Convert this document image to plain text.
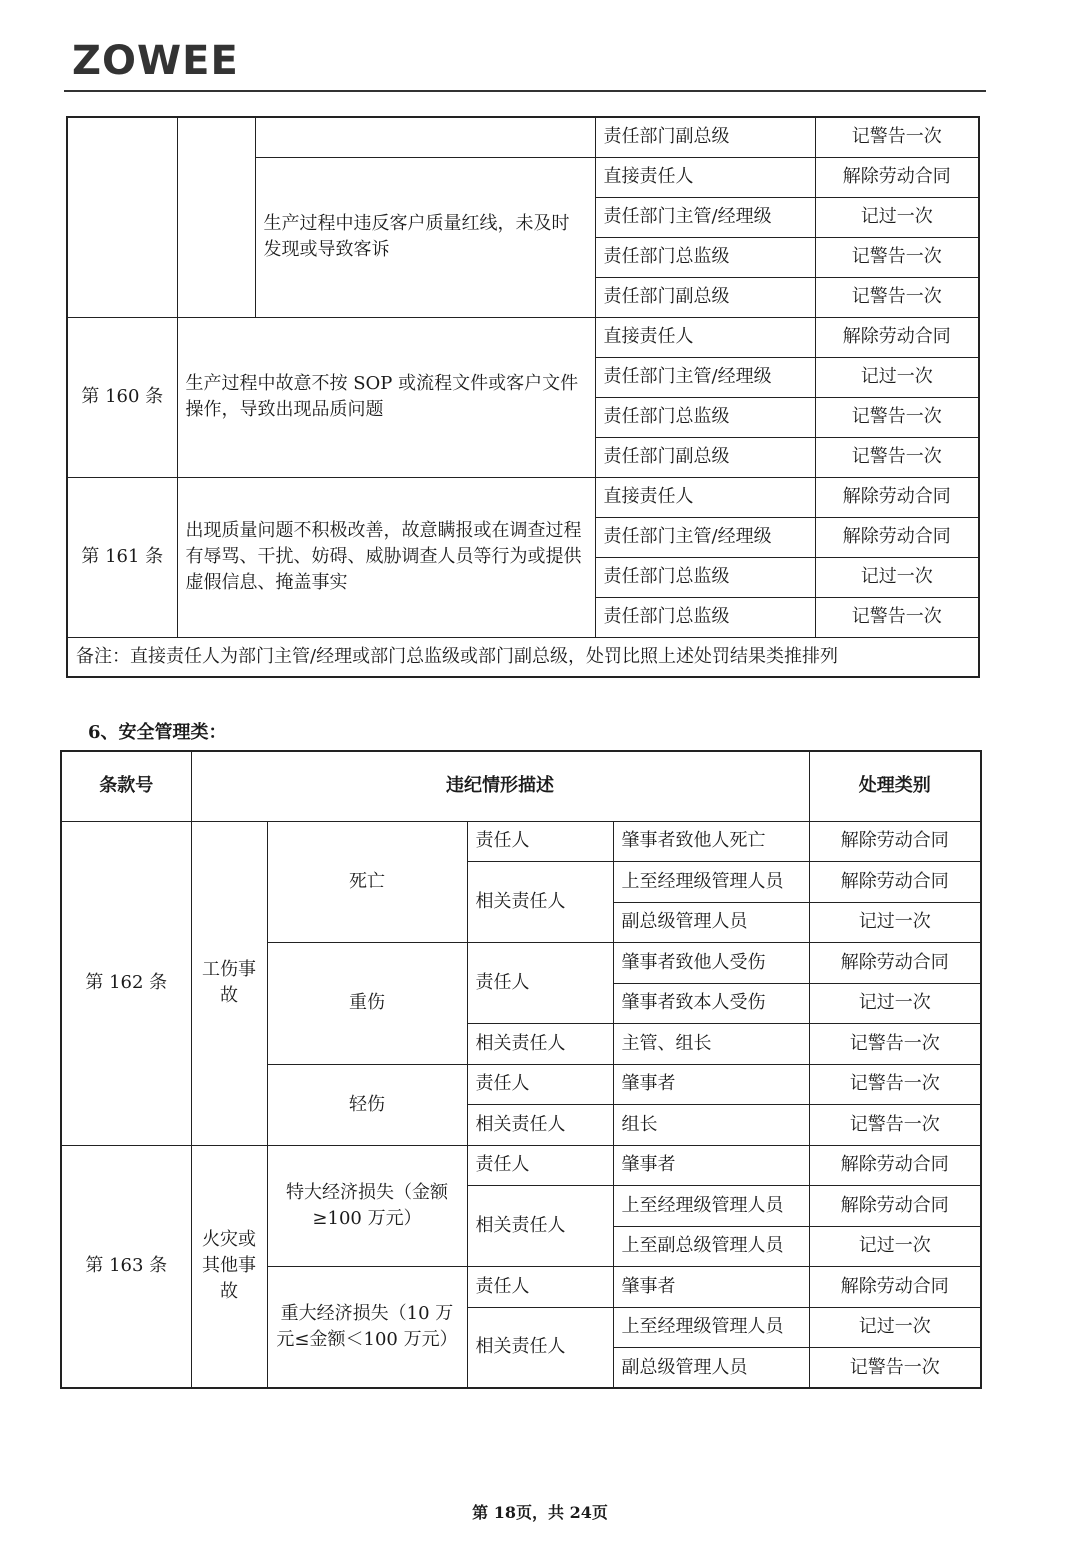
ZOWEE
			责任部门副总级	记警告一次
		生产过程中违反客户质量红线，未及时发现或导致客诉	直接责任人	解除劳动合同
			责任部门主管/经理级	记过一次
			责任部门总监级	记警告一次
			责任部门副总级	记警告一次
第 160 条	生产过程中故意不按 SOP 或流程文件或客户文件操作，导致出现品质问题		直接责任人	解除劳动合同
			责任部门主管/经理级	记过一次
			责任部门总监级	记警告一次
			责任部门副总级	记警告一次
第 161 条	出现质量问题不积极改善，故意瞒报或在调查过程有辱骂、干扰、妨碍、威胁调查人员等行为或提供虚假信息、掩盖事实		直接责任人	解除劳动合同
			责任部门主管/经理级	解除劳动合同
			责任部门总监级	记过一次
			责任部门总监级	记警告一次
备注：直接责任人为部门主管/经理或部门总监级或部门副总级，处罚比照上述处罚结果类推排列				
6、安全管理类：
条款号	违纪情形描述				处理类别
第 162 条	工伤事故	死亡	责任人	肇事者致他人死亡	解除劳动合同
			相关责任人	上至经理级管理人员	解除劳动合同
				副总级管理人员	记过一次
		重伤	责任人	肇事者致他人受伤	解除劳动合同
				肇事者致本人受伤	记过一次
			相关责任人	主管、组长	记警告一次
		轻伤	责任人	肇事者	记警告一次
			相关责任人	组长	记警告一次
第 163 条	火灾或其他事故	特大经济损失（金额≥100 万元）	责任人	肇事者	解除劳动合同
			相关责任人	上至经理级管理人员	解除劳动合同
				上至副总级管理人员	记过一次
		重大经济损失（10 万元≤金额＜100 万元）	责任人	肇事者	解除劳动合同
			相关责任人	上至经理级管理人员	记过一次
				副总级管理人员	记警告一次
第 18页，共 24页
